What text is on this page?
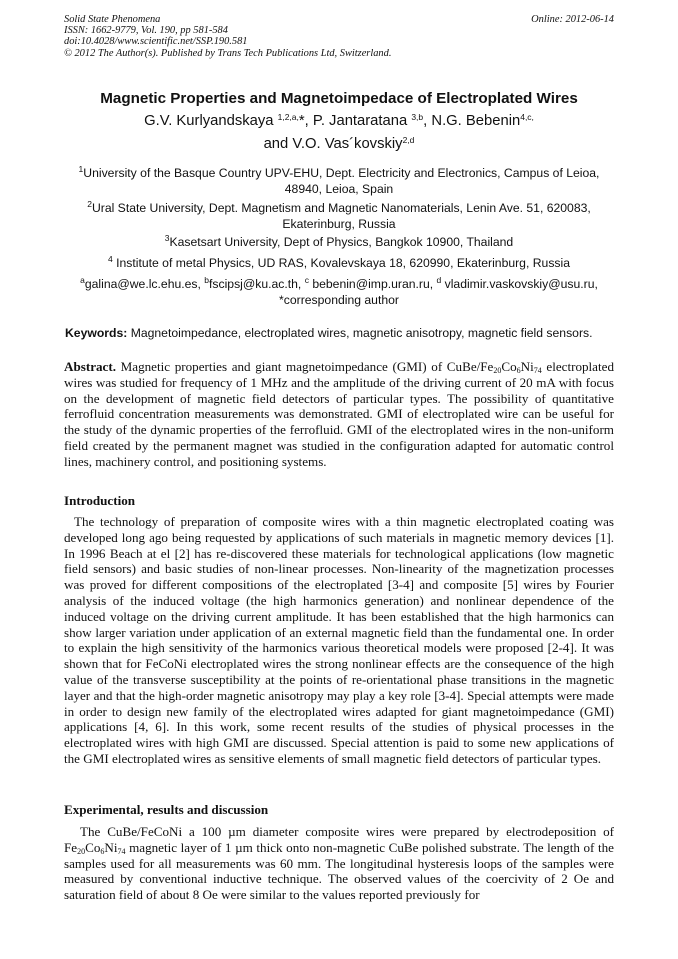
Solid State Phenomena
ISSN: 1662-9779, Vol. 190, pp 581-584
doi:10.4028/www.scientific.net/SSP.190.581
© 2012 The Author(s). Published by Trans Tech Publications Ltd, Switzerland.
Online: 2012-06-14
Magnetic Properties and Magnetoimpedace of Electroplated Wires
G.V. Kurlyandskaya $^{1,2,a,}$*, P. Jantaratana $^{3,b}$, N.G. Bebenin$^{4,c,}$
and V.O. Vas´kovskiy$^{2,d}$
$^1$University of the Basque Country UPV-EHU, Dept. Electricity and Electronics, Campus of Leioa,
48940, Leioa, Spain
$^2$Ural State University, Dept. Magnetism and Magnetic Nanomaterials, Lenin Ave. 51, 620083,
Ekaterinburg, Russia
$^3$Kasetsart University, Dept of Physics, Bangkok 10900, Thailand
$^4$ Institute of metal Physics, UD RAS, Kovalevskaya 18, 620990, Ekaterinburg, Russia
$^a$galina@we.lc.ehu.es, $^b$fscipsj@ku.ac.th, $^c$ bebenin@imp.uran.ru, $^d$ vladimir.vaskovskiy@usu.ru,
*corresponding author
Keywords: Magnetoimpedance, electroplated wires, magnetic anisotropy, magnetic field sensors.
Abstract. Magnetic properties and giant magnetoimpedance (GMI) of CuBe/$Fe_{20}Co_6Ni_{74}$ electroplated wires was studied for frequency of 1 MHz and the amplitude of the driving current of 20 mA with focus on the development of magnetic field detectors of particular types. The possibility of quantitative ferrofluid concentration measurements was demonstrated. GMI of electroplated wire can be useful for the study of the dynamic properties of the ferrofluid. GMI of the electroplated wires in the non-uniform field created by the permanent magnet was studied in the configuration adapted for automatic control lines, machinery control, and positioning systems.
Introduction
The technology of preparation of composite wires with a thin magnetic electroplated coating was developed long ago being requested by applications of such materials in magnetic memory devices [1]. In 1996 Beach at el [2] has re-discovered these materials for technological applications (low magnetic field sensors) and basic studies of non-linear processes. Non-linearity of the magnetization processes was proved for different compositions of the electroplated [3-4] and composite [5] wires by Fourier analysis of the induced voltage (the high harmonics generation) and nonlinear dependence of the induced voltage on the driving current amplitude. It has been established that the high harmonics can show larger variation under application of an external magnetic field than the fundamental one. In order to explain the high sensitivity of the harmonics various theoretical models were proposed [2-4]. It was shown that for FeCoNi electroplated wires the strong nonlinear effects are the consequence of the high value of the transverse susceptibility at the points of re-orientational phase transitions in the magnetic layer and that the high-order magnetic anisotropy may play a key role [3-4]. Special attempts were made in order to design new family of the electroplated wires adapted for giant magnetoimpedance (GMI) applications [4, 6]. In this work, some recent results of the studies of physical processes in the electroplated wires with high GMI are discussed. Special attention is paid to some new applications of the GMI electroplated wires as sensitive elements of small magnetic field detectors of particular types.
Experimental, results and discussion
The CuBe/FeCoNi a 100 µm diameter composite wires were prepared by electrodeposition of $Fe_{20}Co_6Ni_{74}$ magnetic layer of 1 µm thick onto non-magnetic CuBe polished substrate. The length of the samples used for all measurements was 60 mm. The longitudinal hysteresis loops of the samples were measured by conventional inductive technique. The observed values of the coercivity of 2 Oe and saturation field of about 8 Oe were similar to the values reported previously for
